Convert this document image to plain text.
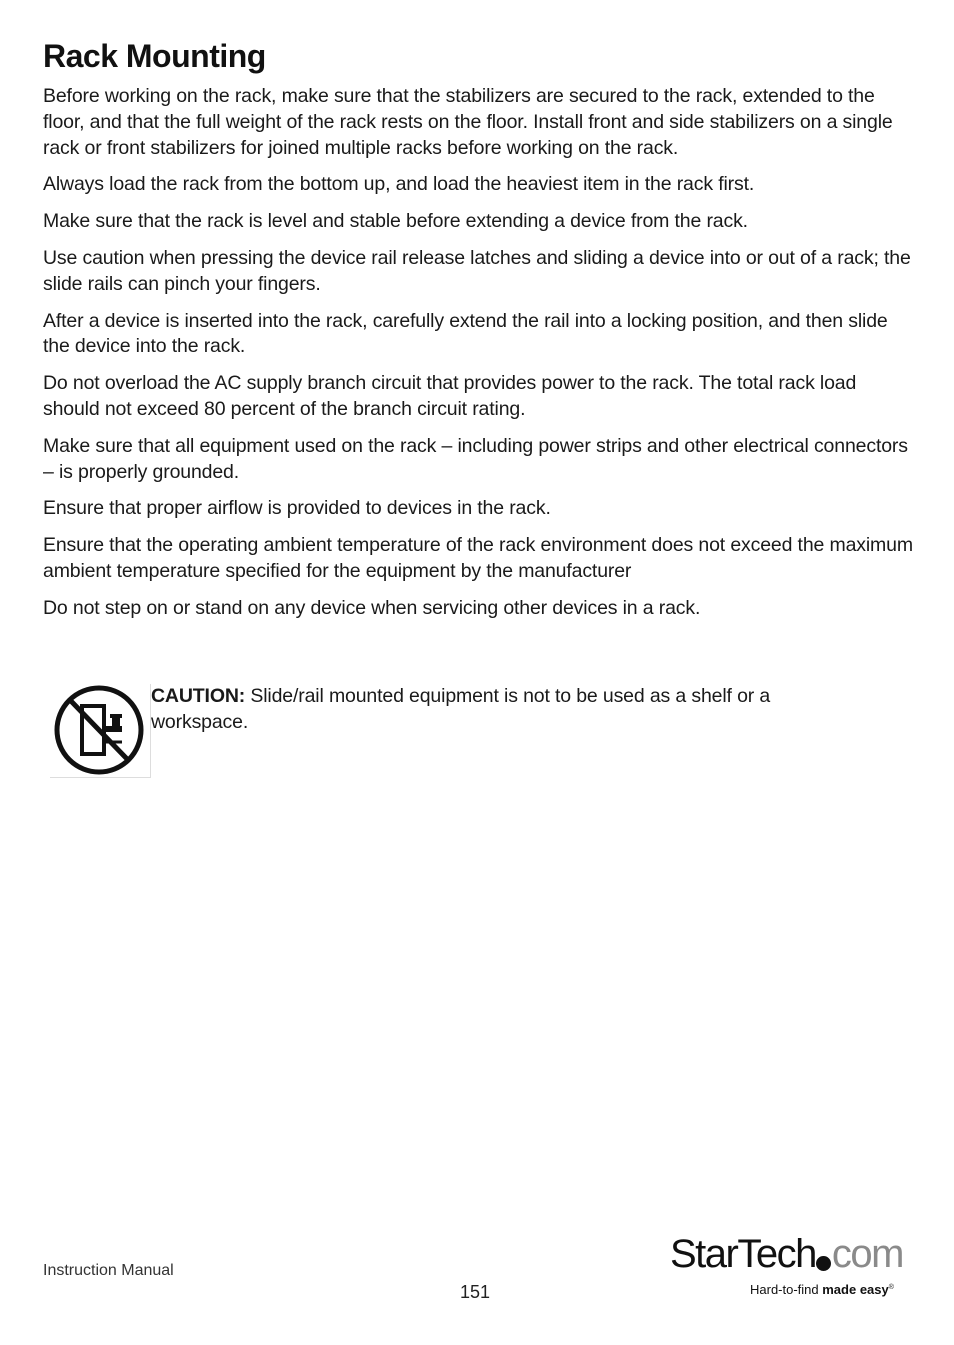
Rack Mounting

Before working on the rack, make sure that the stabilizers are secured to the rack, extended to the floor, and that the full weight of the rack rests on the floor. Install front and side stabilizers on a single rack or front stabilizers for joined multiple racks before working on the rack.

Always load the rack from the bottom up, and load the heaviest item in the rack first.

Make sure that the rack is level and stable before extending a device from the rack.

Use caution when pressing the device rail release latches and sliding a device into or out of a rack; the slide rails can pinch your fingers.

After a device is inserted into the rack, carefully extend the rail into a locking position, and then slide the device into the rack.

Do not overload the AC supply branch circuit that provides power to the rack. The total rack load should not exceed 80 percent of the branch circuit rating.

Make sure that all equipment used on the rack – including power strips and other electrical connectors – is properly grounded.

Ensure that proper airflow is provided to devices in the rack.

Ensure that the operating ambient temperature of the rack environment does not exceed the maximum ambient temperature specified for the equipment by the manufacturer

Do not step on or stand on any device when servicing other devices in a rack.

CAUTION: Slide/rail mounted equipment is not to be used as a shelf or a workspace.

Instruction Manual
151
StarTech com
Hard-to-find made easy®
